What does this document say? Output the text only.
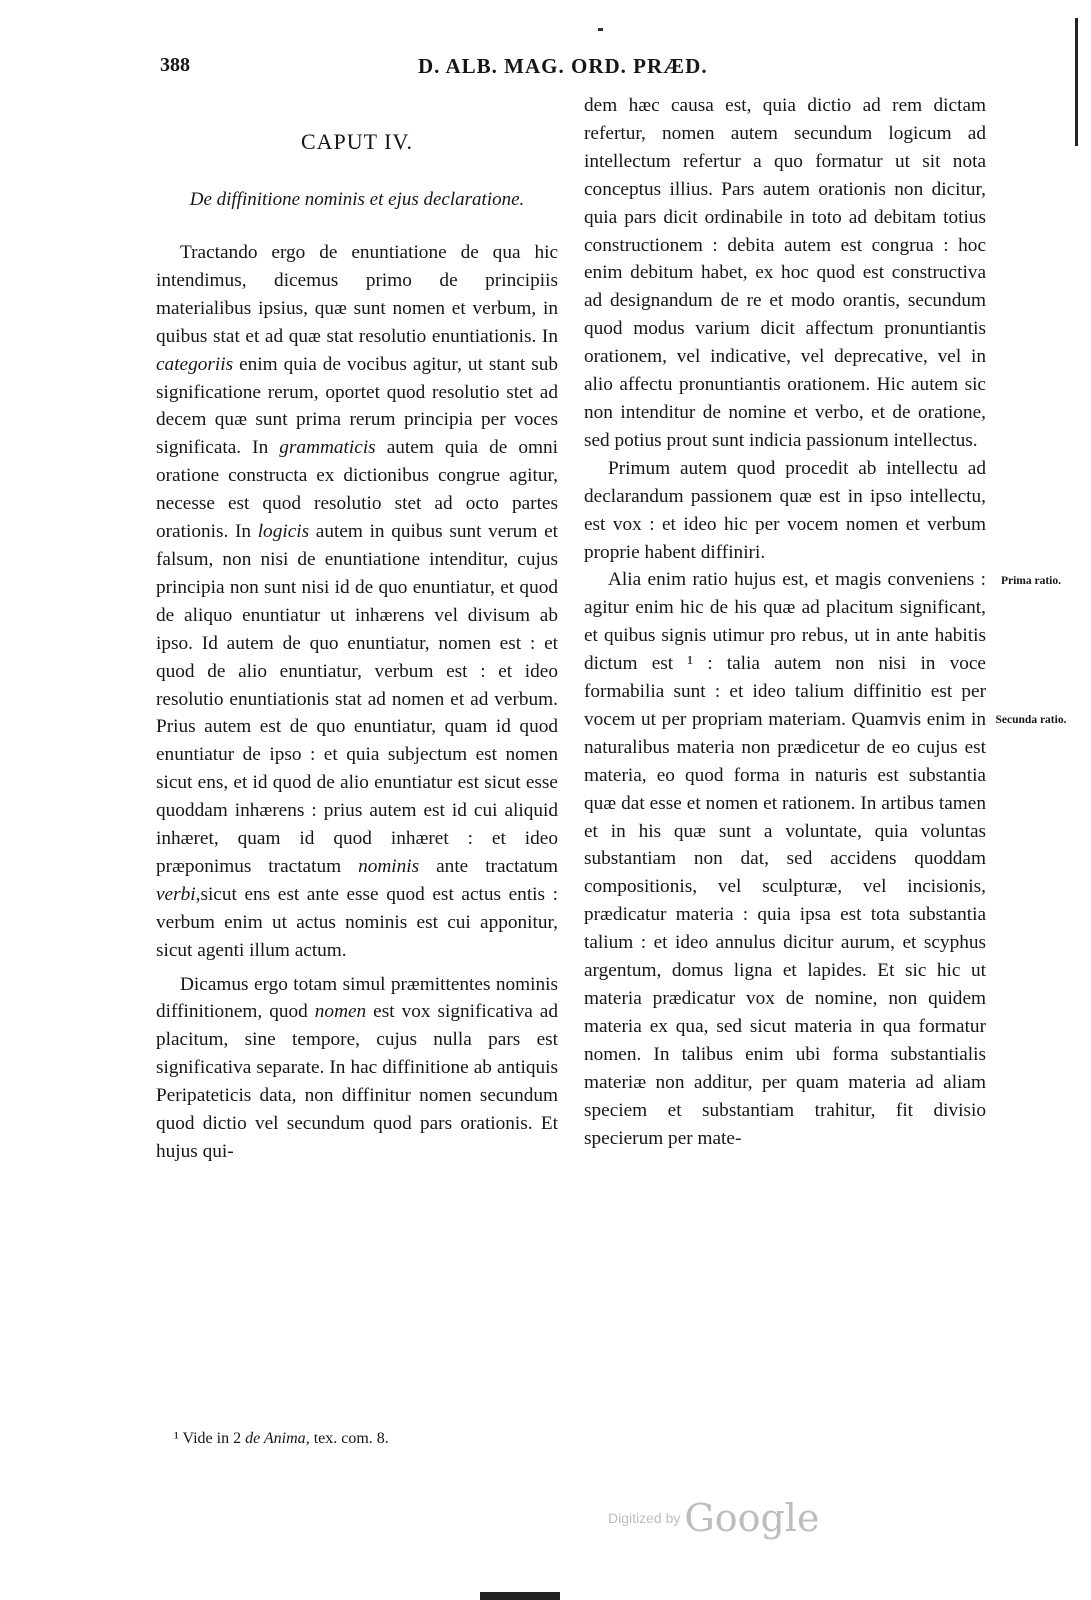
388	D. ALB. MAG. ORD. PRÆD.
CAPUT IV.
De diffinitione nominis et ejus declaratione.

Tractando ergo de enuntiatione de qua hic intendimus, dicemus primo de principiis materialibus ipsius, quæ sunt nomen et verbum, in quibus stat et ad quæ stat resolutio enuntiationis. In categoriis enim quia de vocibus agitur, ut stant sub significatione rerum, oportet quod resolutio stet ad decem quæ sunt prima rerum principia per voces significata. In grammaticis autem quia de omni oratione constructa ex dictionibus congrue agitur, necesse est quod resolutio stet ad octo partes orationis. In logicis autem in quibus sunt verum et falsum, non nisi de enuntiatione intenditur, cujus principia non sunt nisi id de quo enuntiatur, et quod de aliquo enuntiatur ut inhærens vel divisum ab ipso. Id autem de quo enuntiatur, nomen est : et quod de alio enuntiatur, verbum est : et ideo resolutio enuntiationis stat ad nomen et ad verbum. Prius autem est de quo enuntiatur, quam id quod enuntiatur de ipso : et quia subjectum est nomen sicut ens, et id quod de alio enuntiatur est sicut esse quoddam inhærens : prius autem est id cui aliquid inhæret, quam id quod inhæret : et ideo præponimus tractatum nominis ante tractatum verbi,sicut ens est ante esse quod est actus entis : verbum enim ut actus nominis est cui apponitur, sicut agenti illum actum.

Dicamus ergo totam simul præmittentes nominis diffinitionem, quod nomen est vox significativa ad placitum, sine tempore, cujus nulla pars est significativa separate. In hac diffinitione ab antiquis Peripateticis data, non diffinitur nomen secundum quod dictio vel secundum quod pars orationis. Et hujus qui-

dem hæc causa est, quia dictio ad rem dictam refertur, nomen autem secundum logicum ad intellectum refertur a quo formatur ut sit nota conceptus illius. Pars autem orationis non dicitur, quia pars dicit ordinabile in toto ad debitam totius constructionem : debita autem est congrua : hoc enim debitum habet, ex hoc quod est constructiva ad designandum de re et modo orantis, secundum quod modus varium dicit affectum pronuntiantis orationem, vel indicative, vel deprecative, vel in alio affectu pronuntiantis orationem. Hic autem sic non intenditur de nomine et verbo, et de oratione, sed potius prout sunt indicia passionum intellectus.

Primum autem quod procedit ab intellectu ad declarandum passionem quæ est in ipso intellectu, est vox : et ideo hic per vocem nomen et verbum proprie habent diffiniri.

Alia enim ratio hujus est, et magis conveniens : agitur enim hic de his quæ ad placitum significant, et quibus signis utimur pro rebus, ut in ante habitis dictum est ¹ : talia autem non nisi in voce formabilia sunt : et ideo talium diffinitio est per vocem ut per propriam materiam. Quamvis enim in naturalibus materia non prædicetur de eo cujus est materia, eo quod forma in naturis est substantia quæ dat esse et nomen et rationem. In artibus tamen et in his quæ sunt a voluntate, quia voluntas substantiam non dat, sed accidens quoddam compositionis, vel sculpturæ, vel incisionis, prædicatur materia : quia ipsa est tota substantia talium : et ideo annulus dicitur aurum, et scyphus argentum, domus ligna et lapides. Et sic hic ut materia prædicatur vox de nomine, non quidem materia ex qua, sed sicut materia in qua formatur nomen. In talibus enim ubi forma substantialis materiæ non additur, per quam materia ad aliam speciem et substantiam trahitur, fit divisio specierum per mate-

Prima ratio.
Secunda ratio.
¹ Vide in 2 de Anima, tex. com. 8.
Digitized by Google
